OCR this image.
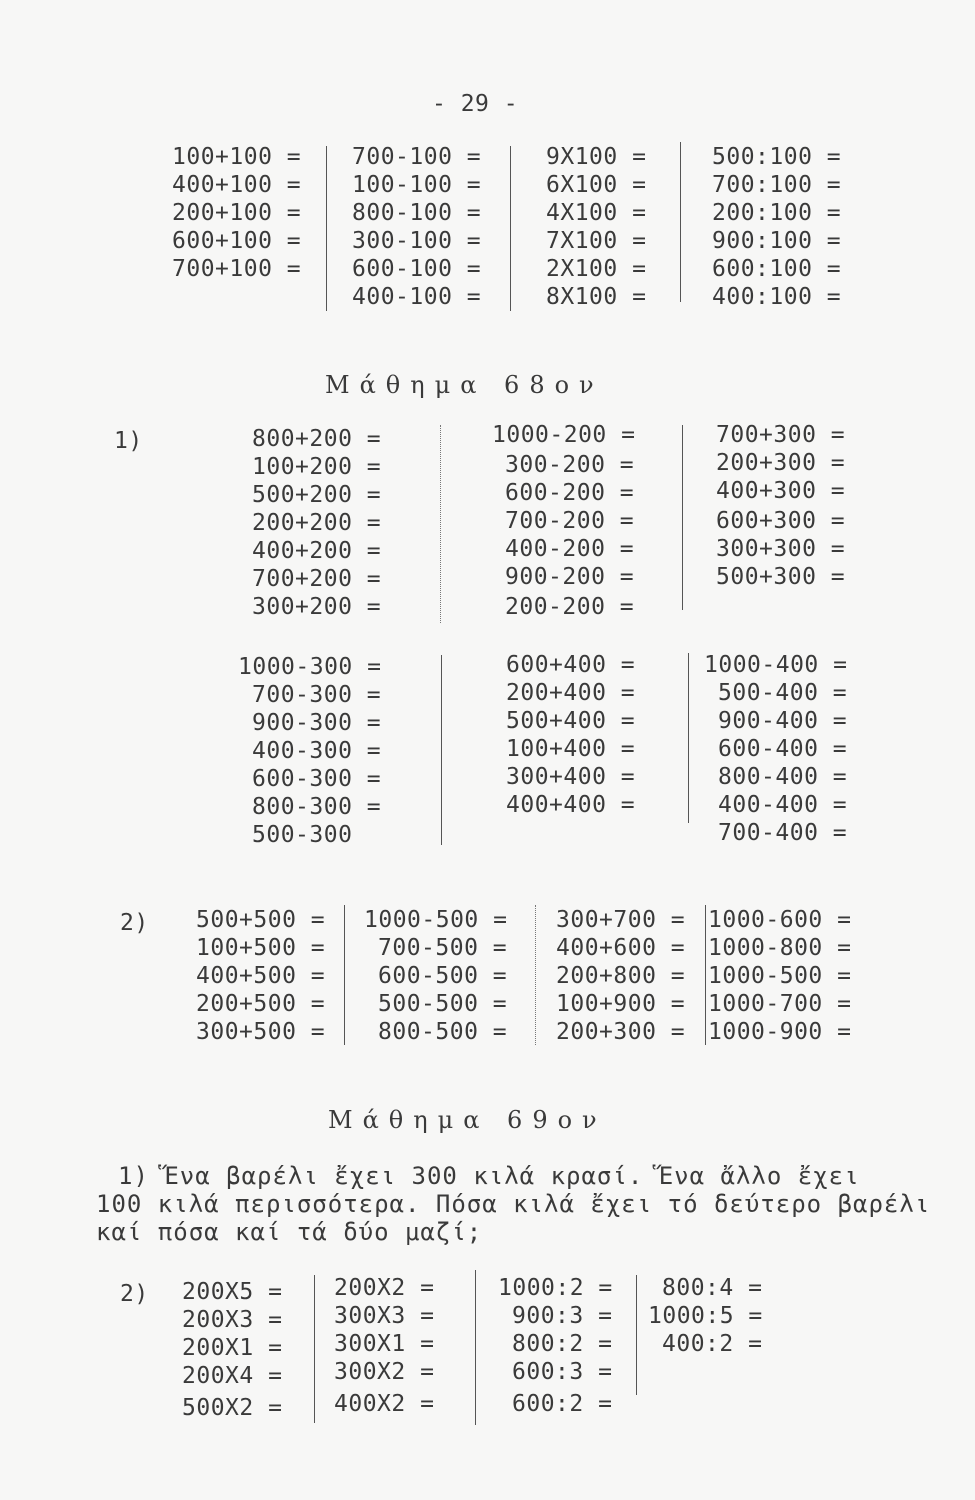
- 29 -
100+100 =
400+100 =
200+100 =
600+100 =
700+100 =
700-100 =
100-100 =
800-100 =
300-100 =
600-100 =
400-100 =
9X100 =
6X100 =
4X100 =
7X100 =
2X100 =
8X100 =
500:100 =
700:100 =
200:100 =
900:100 =
600:100 =
400:100 =
Μάθημα 68ον
1)	800+200 =
100+200 =
500+200 =
200+200 =
400+200 =
700+200 =
300+200 =
1000-200 =
300-200 =
600-200 =
700-200 =
400-200 =
900-200 =
200-200 =
700+300 =
200+300 =
400+300 =
600+300 =
300+300 =
500+300 =
1000-300 =
700-300 =
900-300 =
400-300 =
600-300 =
800-300 =
500-300
600+400 =
200+400 =
500+400 =
100+400 =
300+400 =
400+400 =
1000-400 =
500-400 =
900-400 =
600-400 =
800-400 =
400-400 =
700-400 =
2) 500+500 =
100+500 =
400+500 =
200+500 =
300+500 =
1000-500 =
700-500 =
600-500 =
500-500 =
800-500 =
300+700 =
400+600 =
200+800 =
100+900 =
200+300 =
1000-600 =
1000-800 =
1000-500 =
1000-700 =
1000-900 =
Μάθημα 69ον
1) Ἕνα βαρέλι ἔχει 300 κιλά κρασί. Ἕνα ἄλλο ἔχει
100 κιλά περισσότερα. Πόσα κιλά ἔχει τό δεύτερο βαρέλι
καί πόσα καί τά δύο μαζί;
2) 200X5 =
200X3 =
200X1 =
200X4 =
500X2 =
200X2 =
300X3 =
300X1 =
300X2 =
400X2 =
1000:2 =
900:3 =
800:2 =
600:3 =
600:2 =
800:4 =
1000:5 =
400:2 =
